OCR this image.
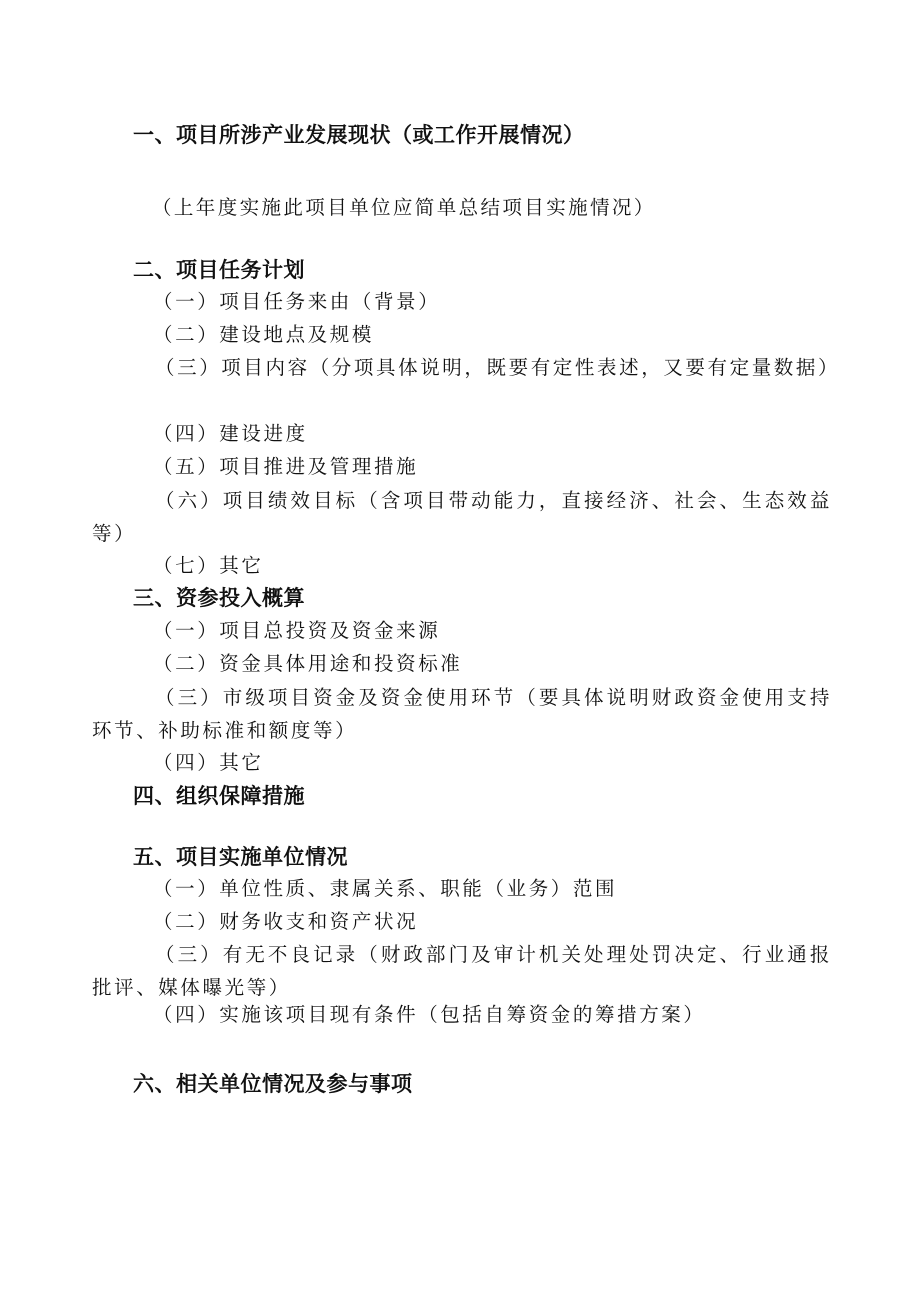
一、项目所涉产业发展现状（或工作开展情况）
（上年度实施此项目单位应简单总结项目实施情况）
二、项目任务计划
（一）项目任务来由（背景）
（二）建设地点及规模
（三）项目内容（分项具体说明，既要有定性表述，又要有定量数据）
（四）建设进度
（五）项目推进及管理措施
（六）项目绩效目标（含项目带动能力，直接经济、社会、生态效益等）
（七）其它
三、资参投入概算
（一）项目总投资及资金来源
（二）资金具体用途和投资标准
（三）市级项目资金及资金使用环节（要具体说明财政资金使用支持环节、补助标准和额度等）
（四）其它
四、组织保障措施
五、项目实施单位情况
（一）单位性质、隶属关系、职能（业务）范围
（二）财务收支和资产状况
（三）有无不良记录（财政部门及审计机关处理处罚决定、行业通报批评、媒体曝光等）
（四）实施该项目现有条件（包括自筹资金的筹措方案）
六、相关单位情况及参与事项
